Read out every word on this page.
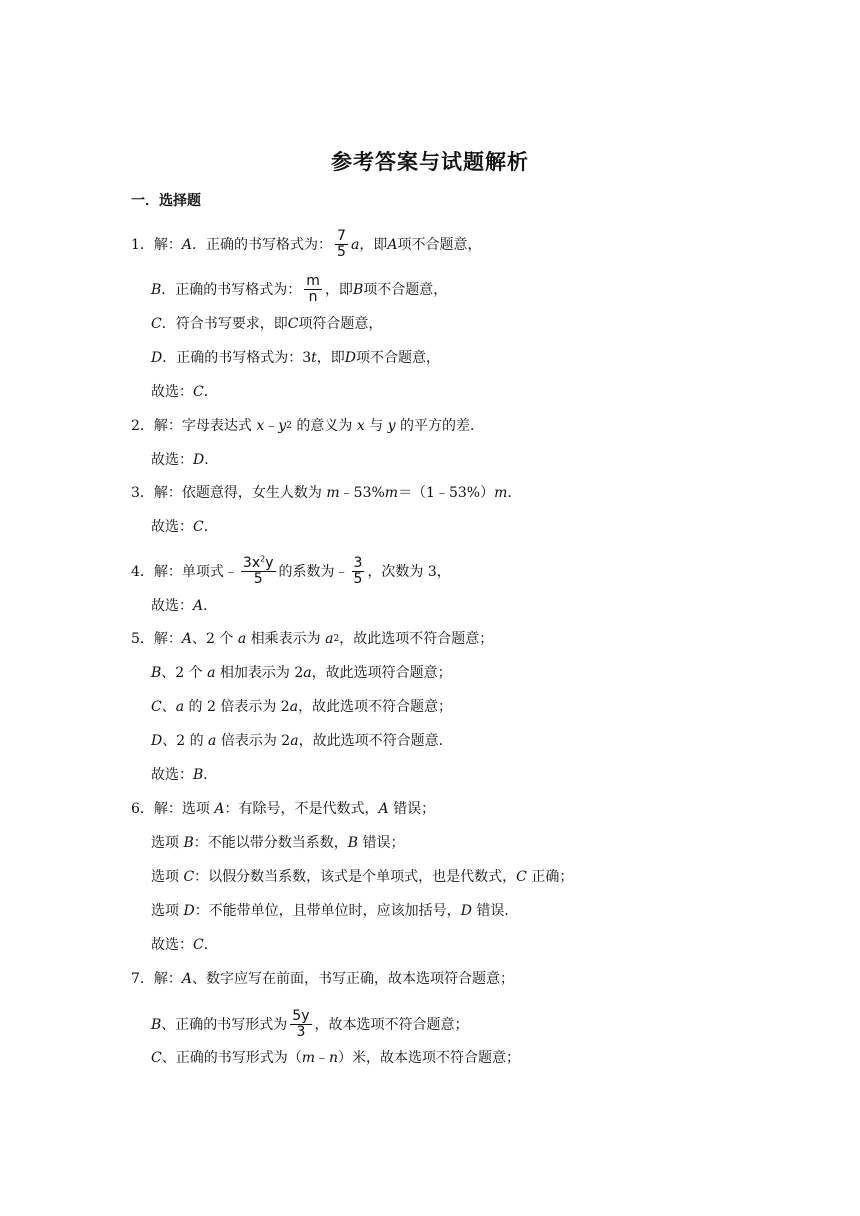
参考答案与试题解析
一．选择题
1．解： A ．正确的书写格式为： $\frac{7}{5}$ a ，即 A 项不合题意，
B ．正确的书写格式为： $\frac{m}{n}$ ，即 B 项不合题意，
C ．符合书写要求，即 C 项符合题意，
D ．正确的书写格式为：3 t ，即 D 项不合题意，
故选： C ．
2．解：字母表达式
x ﹣ y 2
的意义为
x
与
y
的平方的差．
故选： D ．
3．解：依题意得，女生人数为
m ﹣53% m ＝（1﹣53%） m ．
故选： C ．
4．解：单项式﹣ $\frac{3x^2y}{5}$ 的系数为﹣ $\frac{3}{5}$ ，次数为 3，
故选： A ．
5．解： A 、2 个
a
相乘表示为
a 2 ，故此选项不符合题意；
B 、2 个
a
相加表示为 2 a ，故此选项符合题意；
C 、 a
的 2 倍表示为 2 a ，故此选项不符合题意；
D 、2 的
a
倍表示为 2 a ，故此选项不符合题意．
故选： B ．
6．解：选项
A ：有除号，不是代数式， A
错误；
选项
B ：不能以带分数当系数， B
错误；
选项
C ：以假分数当系数，该式是个单项式，也是代数式， C
正确；
选项
D ：不能带单位，且带单位时，应该加括号， D
错误．
故选： C ．
7．解： A 、数字应写在前面，书写正确，故本选项符合题意；
B 、正确的书写形式为 $\frac{5y}{3}$ ，故本选项不符合题意；
C 、正确的书写形式为（ m ﹣ n ）米，故本选项不符合题意；
